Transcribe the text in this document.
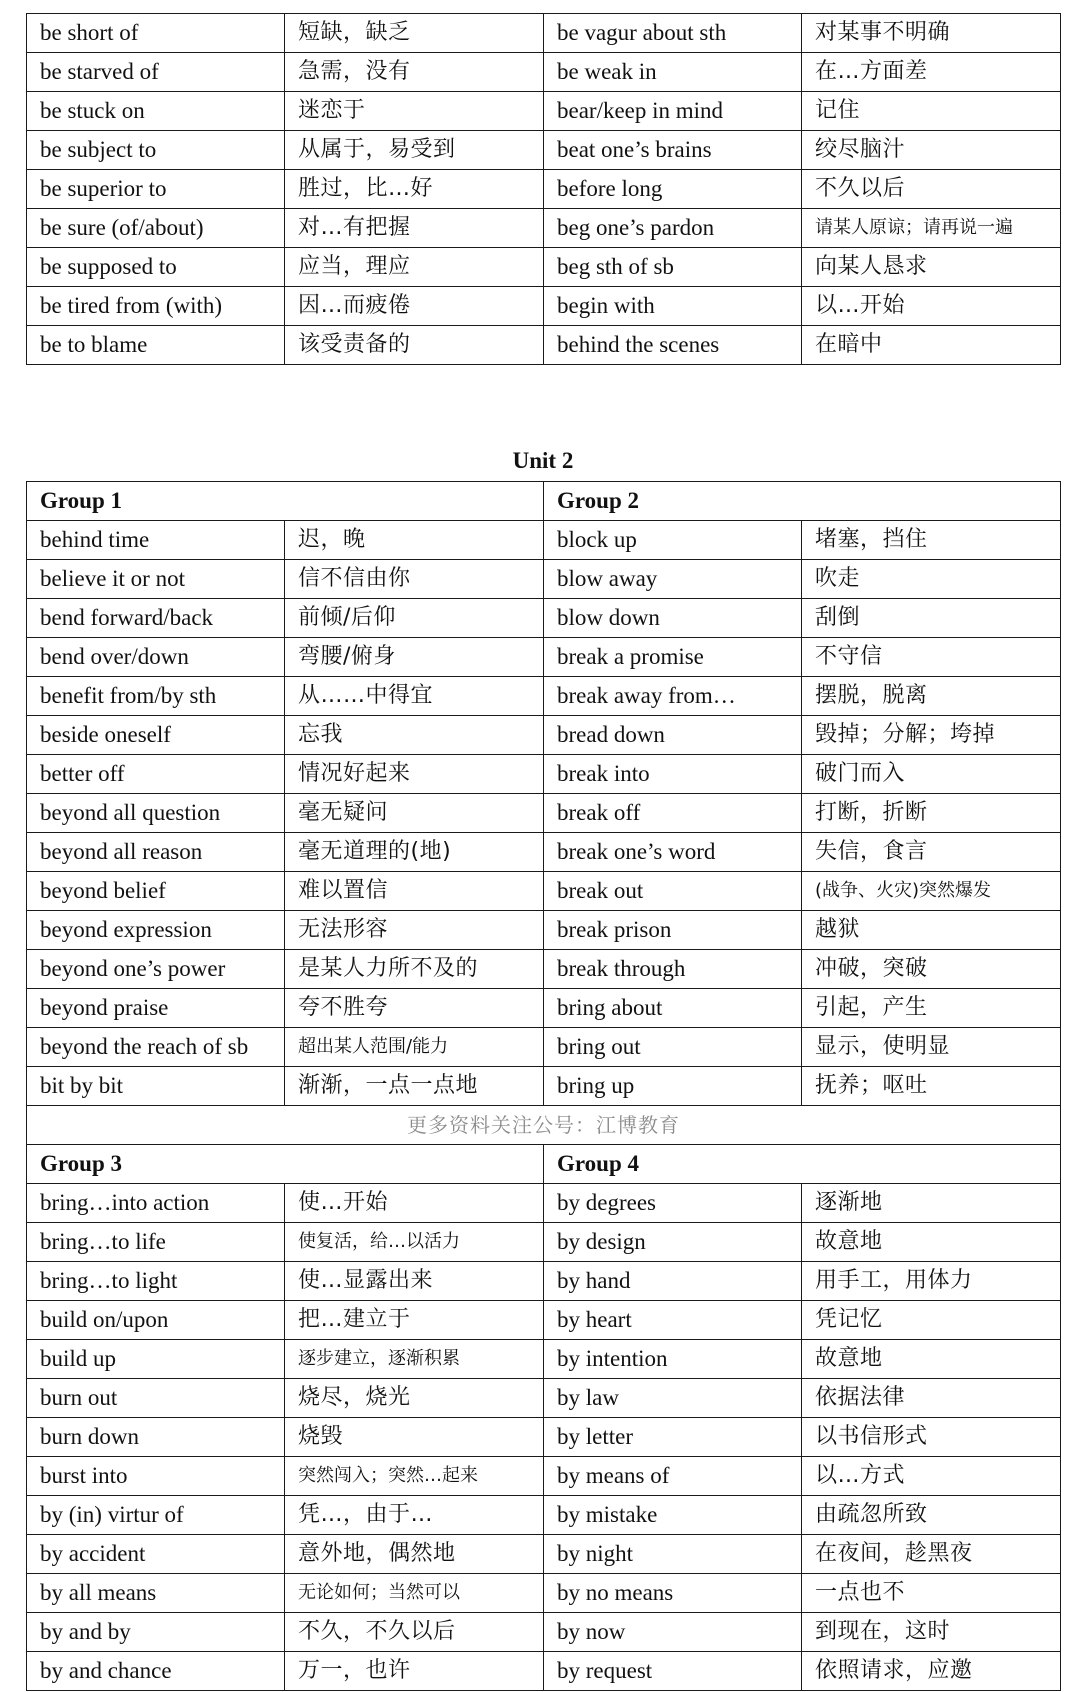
be short of	短缺，缺乏	be vagur about sth	对某事不明确
be starved of	急需，没有	be weak in	在…方面差
be stuck on	迷恋于	bear/keep in mind	记住
be subject to	从属于，易受到	beat one’s brains	绞尽脑汁
be superior to	胜过，比…好	before long	不久以后
be sure (of/about)	对…有把握	beg one’s pardon	请某人原谅；请再说一遍
be supposed to	应当，理应	beg sth of sb	向某人恳求
be tired from (with)	因…而疲倦	begin with	以…开始
be to blame	该受责备的	behind the scenes	在暗中
Unit 2
Group 1		Group 2	
behind time	迟，晚	block up	堵塞，挡住
believe it or not	信不信由你	blow away	吹走
bend forward/back	前倾/后仰	blow down	刮倒
bend over/down	弯腰/俯身	break a promise	不守信
benefit from/by sth	从……中得宜	break away from…	摆脱，脱离
beside oneself	忘我	bread down	毁掉；分解；垮掉
better off	情况好起来	break into	破门而入
beyond all question	毫无疑问	break off	打断，折断
beyond all reason	毫无道理的(地)	break one’s word	失信，食言
beyond belief	难以置信	break out	(战争、火灾)突然爆发
beyond expression	无法形容	break prison	越狱
beyond one’s power	是某人力所不及的	break through	冲破，突破
beyond praise	夸不胜夸	bring about	引起，产生
beyond the reach of sb	超出某人范围/能力	bring out	显示，使明显
bit by bit	渐渐，一点一点地	bring up	抚养；呕吐
更多资料关注公号：江博教育			
Group 3		Group 4	
bring…into action	使…开始	by degrees	逐渐地
bring…to life	使复活，给…以活力	by design	故意地
bring…to light	使…显露出来	by hand	用手工，用体力
build on/upon	把…建立于	by heart	凭记忆
build up	逐步建立，逐渐积累	by intention	故意地
burn out	烧尽，烧光	by law	依据法律
burn down	烧毁	by letter	以书信形式
burst into	突然闯入；突然…起来	by means of	以…方式
by (in) virtur of	凭…，由于…	by mistake	由疏忽所致
by accident	意外地，偶然地	by night	在夜间，趁黑夜
by all means	无论如何；当然可以	by no means	一点也不
by and by	不久，不久以后	by now	到现在，这时
by and chance	万一，也许	by request	依照请求，应邀
